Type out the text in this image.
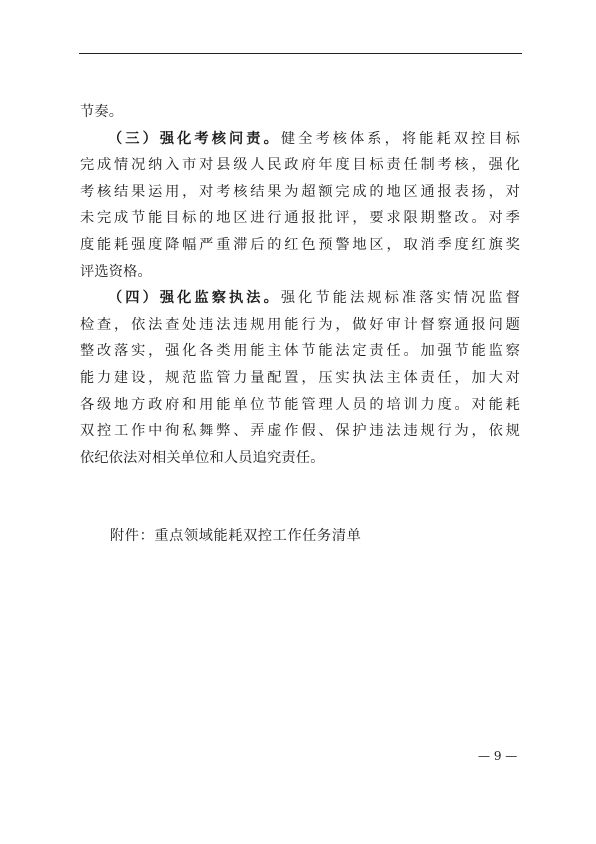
节奏。
（三）强化考核问责。健全考核体系，将能耗双控目标
完成情况纳入市对县级人民政府年度目标责任制考核，强化
考核结果运用，对考核结果为超额完成的地区通报表扬，对
未完成节能目标的地区进行通报批评，要求限期整改。对季
度能耗强度降幅严重滞后的红色预警地区，取消季度红旗奖
评选资格。
（四）强化监察执法。强化节能法规标准落实情况监督
检查，依法查处违法违规用能行为，做好审计督察通报问题
整改落实，强化各类用能主体节能法定责任。加强节能监察
能力建设，规范监管力量配置，压实执法主体责任，加大对
各级地方政府和用能单位节能管理人员的培训力度。对能耗
双控工作中徇私舞弊、弄虚作假、保护违法违规行为，依规
依纪依法对相关单位和人员追究责任。
附件：重点领域能耗双控工作任务清单
— 9 —
